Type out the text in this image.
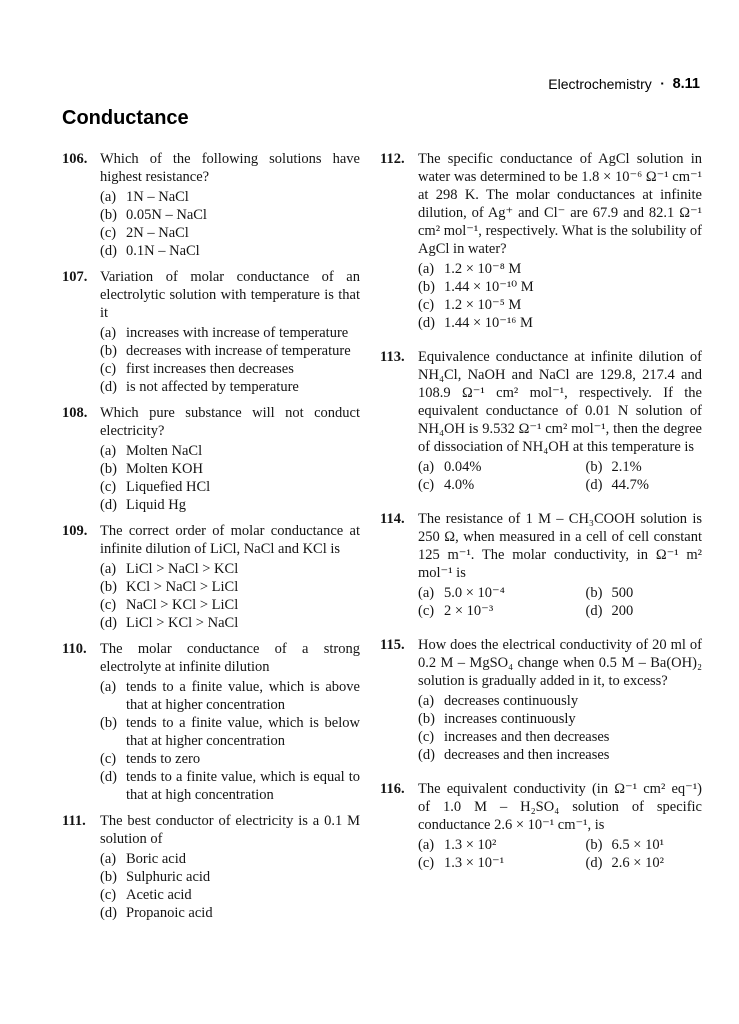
Electrochemistry ▪ 8.11
Conductance
106. Which of the following solutions have highest resistance?
(a) 1N – NaCl
(b) 0.05N – NaCl
(c) 2N – NaCl
(d) 0.1N – NaCl
107. Variation of molar conductance of an electrolytic solution with temperature is that it
(a) increases with increase of temperature
(b) decreases with increase of temperature
(c) first increases then decreases
(d) is not affected by temperature
108. Which pure substance will not conduct electricity?
(a) Molten NaCl
(b) Molten KOH
(c) Liquefied HCl
(d) Liquid Hg
109. The correct order of molar conductance at infinite dilution of LiCl, NaCl and KCl is
(a) LiCl > NaCl > KCl
(b) KCl > NaCl > LiCl
(c) NaCl > KCl > LiCl
(d) LiCl > KCl > NaCl
110. The molar conductance of a strong electrolyte at infinite dilution
(a) tends to a finite value, which is above that at higher concentration
(b) tends to a finite value, which is below that at higher concentration
(c) tends to zero
(d) tends to a finite value, which is equal to that at high concentration
111. The best conductor of electricity is a 0.1 M solution of
(a) Boric acid
(b) Sulphuric acid
(c) Acetic acid
(d) Propanoic acid
112. The specific conductance of AgCl solution in water was determined to be 1.8 × 10⁻⁶ Ω⁻¹ cm⁻¹ at 298 K. The molar conductances at infinite dilution, of Ag⁺ and Cl⁻ are 67.9 and 82.1 Ω⁻¹ cm² mol⁻¹, respectively. What is the solubility of AgCl in water?
(a) 1.2 × 10⁻⁸ M
(b) 1.44 × 10⁻¹⁰ M
(c) 1.2 × 10⁻⁵ M
(d) 1.44 × 10⁻¹⁶ M
113. Equivalence conductance at infinite dilution of NH₄Cl, NaOH and NaCl are 129.8, 217.4 and 108.9 Ω⁻¹ cm² mol⁻¹, respectively. If the equivalent conductance of 0.01 N solution of NH₄OH is 9.532 Ω⁻¹ cm² mol⁻¹, then the degree of dissociation of NH₄OH at this temperature is
(a) 0.04%	(b) 2.1%
(c) 4.0%	(d) 44.7%
114. The resistance of 1 M – CH₃COOH solution is 250 Ω, when measured in a cell of cell constant 125 m⁻¹. The molar conductivity, in Ω⁻¹ m² mol⁻¹ is
(a) 5.0 × 10⁻⁴	(b) 500
(c) 2 × 10⁻³	(d) 200
115. How does the electrical conductivity of 20 ml of 0.2 M – MgSO₄ change when 0.5 M – Ba(OH)₂ solution is gradually added in it, to excess?
(a) decreases continuously
(b) increases continuously
(c) increases and then decreases
(d) decreases and then increases
116. The equivalent conductivity (in Ω⁻¹ cm² eq⁻¹) of 1.0 M – H₂SO₄ solution of specific conductance 2.6 × 10⁻¹ cm⁻¹, is
(a) 1.3 × 10²	(b) 6.5 × 10¹
(c) 1.3 × 10⁻¹	(d) 2.6 × 10²
